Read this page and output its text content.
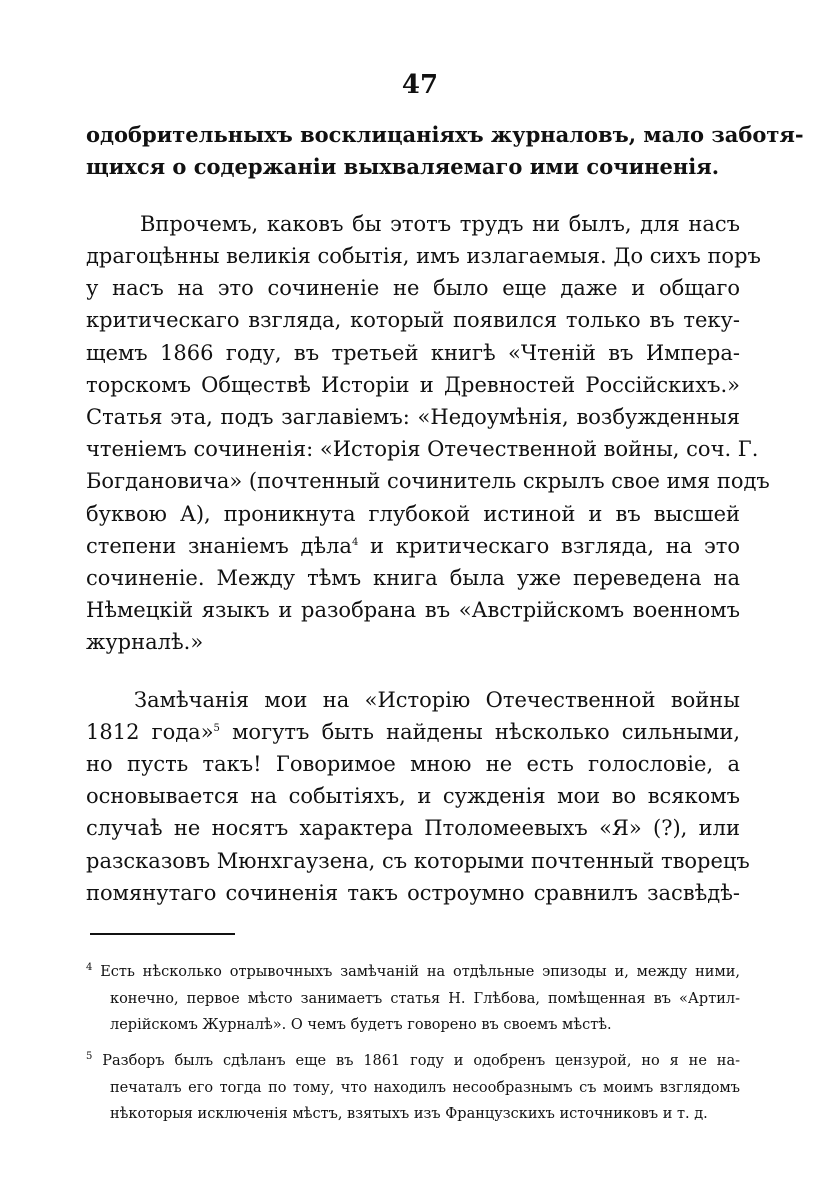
47
одобрительныхъ восклицаніяхъ журналовъ, мало заботя-
щихся о содержаніи выхваляемаго ими сочиненія.
Впрочемъ, каковъ бы этотъ трудъ ни былъ, для насъ
драгоцѣнны великія событія, имъ излагаемыя. До сихъ поръ
у насъ на это сочиненіе не было еще даже и общаго
критическаго взгляда, который появился только въ теку-
щемъ 1866 году, въ третьей книгѣ «Чтеній въ Импера-
торскомъ Обществѣ Исторіи и Древностей Россійскихъ.»
Статья эта, подъ заглавіемъ: «Недоумѣнія, возбужденныя
чтеніемъ сочиненія: «Исторія Отечественной войны, соч. Г.
Богдановича» (почтенный сочинитель скрылъ свое имя подъ
буквою А), проникнута глубокой истиной и въ высшей
степени знаніемъ дѣла$^4$ и критическаго взгляда, на это
сочиненіе. Между тѣмъ книга была уже переведена на
Нѣмецкій языкъ и разобрана въ «Австрійскомъ военномъ
журналѣ.»
Замѣчанія мои на «Исторію Отечественной войны
1812 года»$^5$ могутъ быть найдены нѣсколько сильными,
но пусть такъ! Говоримое мною не есть голословіе, а
основывается на событіяхъ, и сужденія мои во всякомъ
случаѣ не носятъ характера Птоломеевыхъ «Я» (?), или
разсказовъ Мюнхгаузена, съ которыми почтенный творецъ
помянутаго сочиненія такъ остроумно сравнилъ засвѣдѣ-
$^4$ Есть нѣсколько отрывочныхъ замѣчаній на отдѣльные эпизоды и, между ними,
конечно, первое мѣсто занимаетъ статья Н. Глѣбова, помѣщенная въ «Артил-
лерійскомъ Журналѣ». О чемъ будетъ говорено въ своемъ мѣстѣ.
$^5$ Разборъ былъ сдѣланъ еще въ 1861 году и одобренъ цензурой, но я не на-
печаталъ его тогда по тому, что находилъ несообразнымъ съ моимъ взглядомъ
нѣкоторыя исключенія мѣстъ, взятыхъ изъ Французскихъ источниковъ и т. д.
